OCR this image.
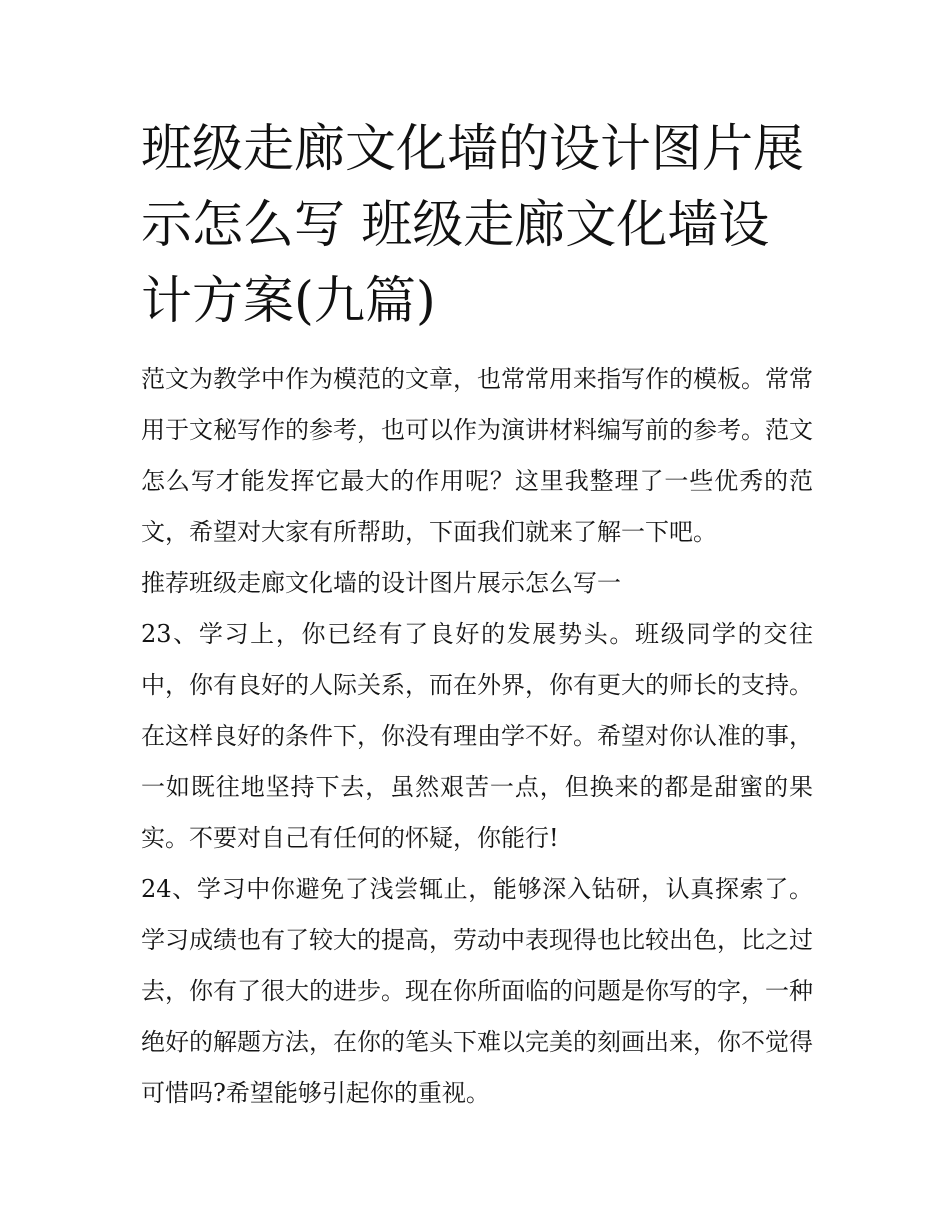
班级走廊文化墙的设计图片展示怎么写 班级走廊文化墙设计方案(九篇)

范文为教学中作为模范的文章，也常常用来指写作的模板。常常用于文秘写作的参考，也可以作为演讲材料编写前的参考。范文怎么写才能发挥它最大的作用呢？这里我整理了一些优秀的范文，希望对大家有所帮助，下面我们就来了解一下吧。

推荐班级走廊文化墙的设计图片展示怎么写一

23、学习上，你已经有了良好的发展势头。班级同学的交往中，你有良好的人际关系，而在外界，你有更大的师长的支持。在这样良好的条件下，你没有理由学不好。希望对你认准的事，一如既往地坚持下去，虽然艰苦一点，但换来的都是甜蜜的果实。不要对自己有任何的怀疑，你能行!

24、学习中你避免了浅尝辄止，能够深入钻研，认真探索了。学习成绩也有了较大的提高，劳动中表现得也比较出色，比之过去，你有了很大的进步。现在你所面临的问题是你写的字，一种绝好的解题方法，在你的笔头下难以完美的刻画出来，你不觉得可惜吗?希望能够引起你的重视。
